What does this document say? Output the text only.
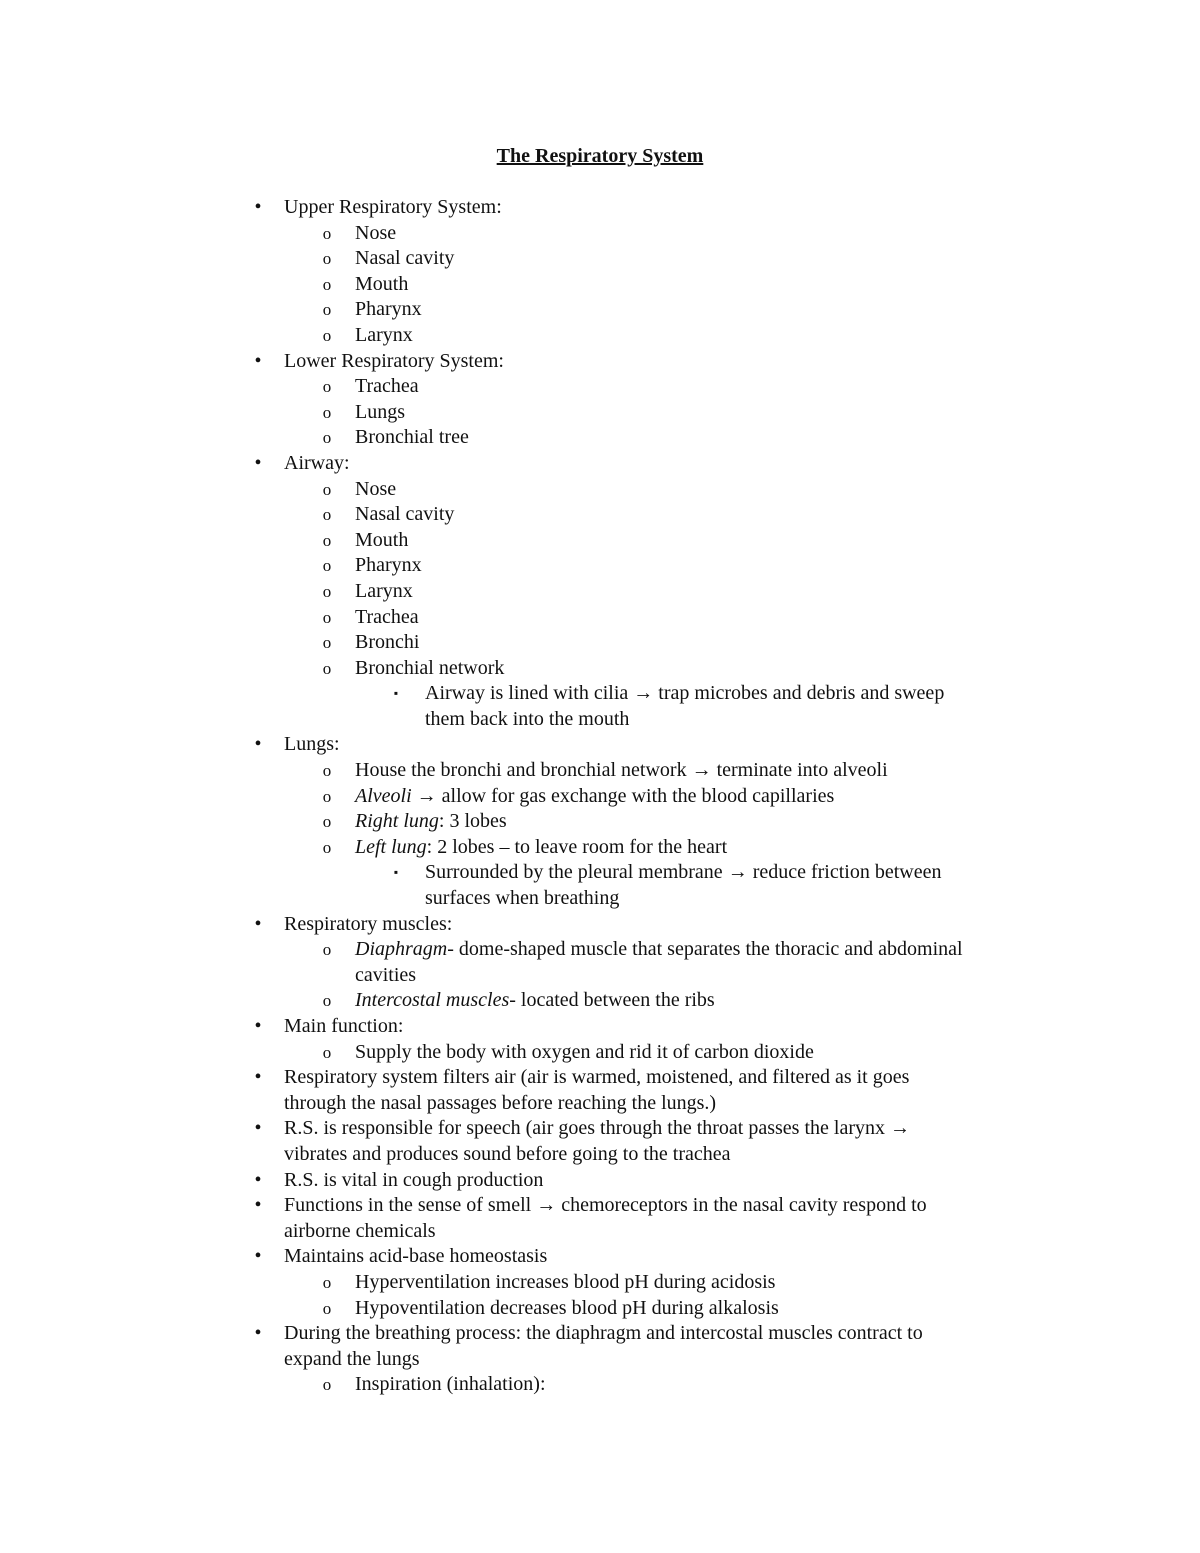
The Respiratory System
•	Upper Respiratory System:
o Nose
o Nasal cavity
o Mouth
o Pharynx
o Larynx
•	Lower Respiratory System:
o Trachea
o Lungs
o Bronchial tree
•	Airway:
o Nose
o Nasal cavity
o Mouth
o Pharynx
o Larynx
o Trachea
o Bronchi
o Bronchial network
▪	Airway is lined with cilia → trap microbes and debris and sweep
them back into the mouth
•	Lungs:
o House the bronchi and bronchial network → terminate into alveoli
o Alveoli → allow for gas exchange with the blood capillaries
o Right lung: 3 lobes
o Left lung: 2 lobes – to leave room for the heart
▪	Surrounded by the pleural membrane → reduce friction between
surfaces when breathing
•	Respiratory muscles:
o Diaphragm- dome-shaped muscle that separates the thoracic and abdominal
cavities
o Intercostal muscles- located between the ribs
•	Main function:
o Supply the body with oxygen and rid it of carbon dioxide
•	Respiratory system filters air (air is warmed, moistened, and filtered as it goes
through the nasal passages before reaching the lungs.)
•	R.S. is responsible for speech (air goes through the throat passes the larynx →
vibrates and produces sound before going to the trachea
•	R.S. is vital in cough production
•	Functions in the sense of smell → chemoreceptors in the nasal cavity respond to
airborne chemicals
•	Maintains acid-base homeostasis
o Hyperventilation increases blood pH during acidosis
o Hypoventilation decreases blood pH during alkalosis
•	During the breathing process: the diaphragm and intercostal muscles contract to
expand the lungs
o Inspiration (inhalation):
